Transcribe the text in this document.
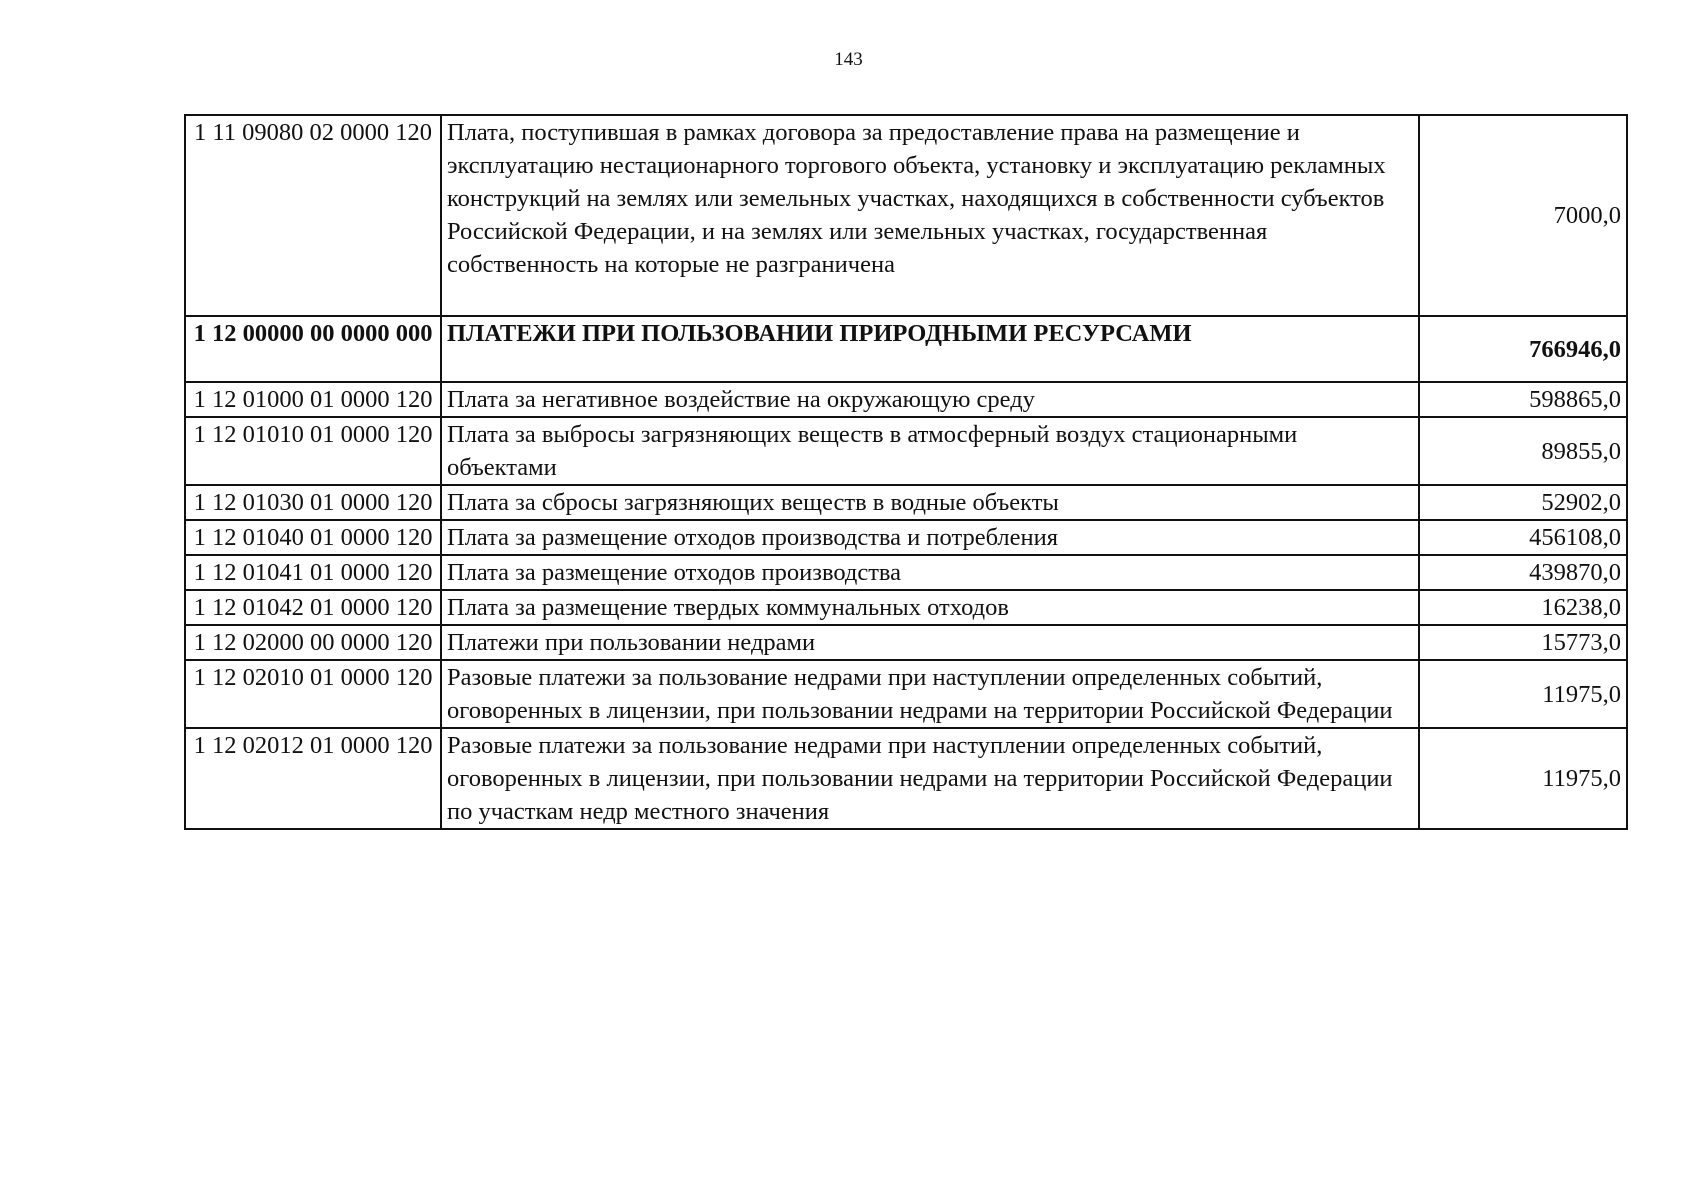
143
1 11 09080 02 0000 120	Плата, поступившая в рамках договора за предоставление права на размещение и эксплуатацию нестационарного торгового объекта, установку и эксплуатацию рекламных конструкций на землях или земельных участках, находящихся в собственности субъектов Российской Федерации, и на землях или земельных участках, государственная собственность на которые не разграничена	7000,0
1 12 00000 00 0000 000	ПЛАТЕЖИ ПРИ ПОЛЬЗОВАНИИ ПРИРОДНЫМИ РЕСУРСАМИ	766946,0
1 12 01000 01 0000 120	Плата за негативное воздействие на окружающую среду	598865,0
1 12 01010 01 0000 120	Плата за выбросы загрязняющих веществ в атмосферный воздух стационарными объектами	89855,0
1 12 01030 01 0000 120	Плата за сбросы загрязняющих веществ в водные объекты	52902,0
1 12 01040 01 0000 120	Плата за размещение отходов производства и потребления	456108,0
1 12 01041 01 0000 120	Плата за размещение отходов производства	439870,0
1 12 01042 01 0000 120	Плата за размещение твердых коммунальных отходов	16238,0
1 12 02000 00 0000 120	Платежи при пользовании недрами	15773,0
1 12 02010 01 0000 120	Разовые платежи за пользование недрами при наступлении определенных событий, оговоренных в лицензии, при пользовании недрами на территории Российской Федерации	11975,0
1 12 02012 01 0000 120	Разовые платежи за пользование недрами при наступлении определенных событий, оговоренных в лицензии, при пользовании недрами на территории Российской Федерации по участкам недр местного значения	11975,0
